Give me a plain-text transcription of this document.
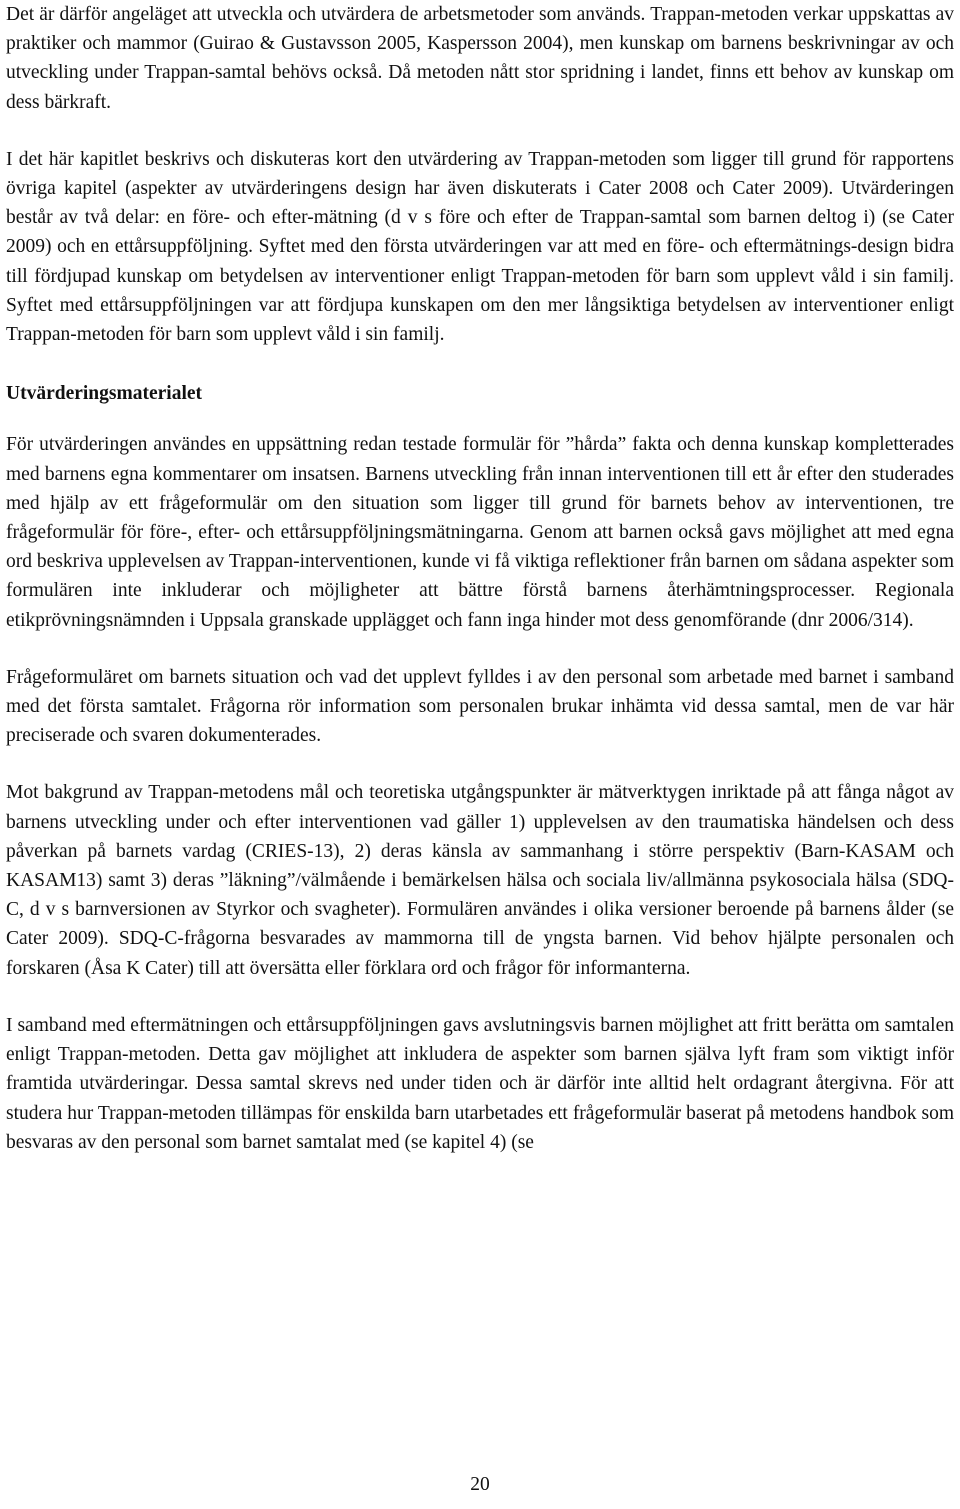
Det är därför angeläget att utveckla och utvärdera de arbetsmetoder som används. Trappan-metoden verkar uppskattas av praktiker och mammor (Guirao & Gustavsson 2005, Kaspersson 2004), men kunskap om barnens beskrivningar av och utveckling under Trappan-samtal behövs också. Då metoden nått stor spridning i landet, finns ett behov av kunskap om dess bärkraft.

I det här kapitlet beskrivs och diskuteras kort den utvärdering av Trappan-metoden som ligger till grund för rapportens övriga kapitel (aspekter av utvärderingens design har även diskuterats i Cater 2008 och Cater 2009). Utvärderingen består av två delar: en före- och efter-mätning (d v s före och efter de Trappan-samtal som barnen deltog i) (se Cater 2009) och en ettårsuppföljning. Syftet med den första utvärderingen var att med en före- och eftermätnings-design bidra till fördjupad kunskap om betydelsen av interventioner enligt Trappan-metoden för barn som upplevt våld i sin familj. Syftet med ettårsuppföljningen var att fördjupa kunskapen om den mer långsiktiga betydelsen av interventioner enligt Trappan-metoden för barn som upplevt våld i sin familj.

Utvärderingsmaterialet

För utvärderingen användes en uppsättning redan testade formulär för ”hårda” fakta och denna kunskap kompletterades med barnens egna kommentarer om insatsen. Barnens utveckling från innan interventionen till ett år efter den studerades med hjälp av ett frågeformulär om den situation som ligger till grund för barnets behov av interventionen, tre frågeformulär för före-, efter- och ettårsuppföljningsmätningarna. Genom att barnen också gavs möjlighet att med egna ord beskriva upplevelsen av Trappan-interventionen, kunde vi få viktiga reflektioner från barnen om sådana aspekter som formulären inte inkluderar och möjligheter att bättre förstå barnens återhämtningsprocesser. Regionala etikprövningsnämnden i Uppsala granskade upplägget och fann inga hinder mot dess genomförande (dnr 2006/314).

Frågeformuläret om barnets situation och vad det upplevt fylldes i av den personal som arbetade med barnet i samband med det första samtalet. Frågorna rör information som personalen brukar inhämta vid dessa samtal, men de var här preciserade och svaren dokumenterades.

Mot bakgrund av Trappan-metodens mål och teoretiska utgångspunkter är mätverktygen inriktade på att fånga något av barnens utveckling under och efter interventionen vad gäller 1) upplevelsen av den traumatiska händelsen och dess påverkan på barnets vardag (CRIES-13), 2) deras känsla av sammanhang i större perspektiv (Barn-KASAM och KASAM13) samt 3) deras ”läkning”/välmående i bemärkelsen hälsa och sociala liv/allmänna psykosociala hälsa (SDQ-C, d v s barnversionen av Styrkor och svagheter). Formulären användes i olika versioner beroende på barnens ålder (se Cater 2009). SDQ-C-frågorna besvarades av mammorna till de yngsta barnen. Vid behov hjälpte personalen och forskaren (Åsa K Cater) till att översätta eller förklara ord och frågor för informanterna.

I samband med eftermätningen och ettårsuppföljningen gavs avslutningsvis barnen möjlighet att fritt berätta om samtalen enligt Trappan-metoden. Detta gav möjlighet att inkludera de aspekter som barnen själva lyft fram som viktigt inför framtida utvärderingar. Dessa samtal skrevs ned under tiden och är därför inte alltid helt ordagrant återgivna. För att studera hur Trappan-metoden tillämpas för enskilda barn utarbetades ett frågeformulär baserat på metodens handbok som besvaras av den personal som barnet samtalat med (se kapitel 4) (se

20
